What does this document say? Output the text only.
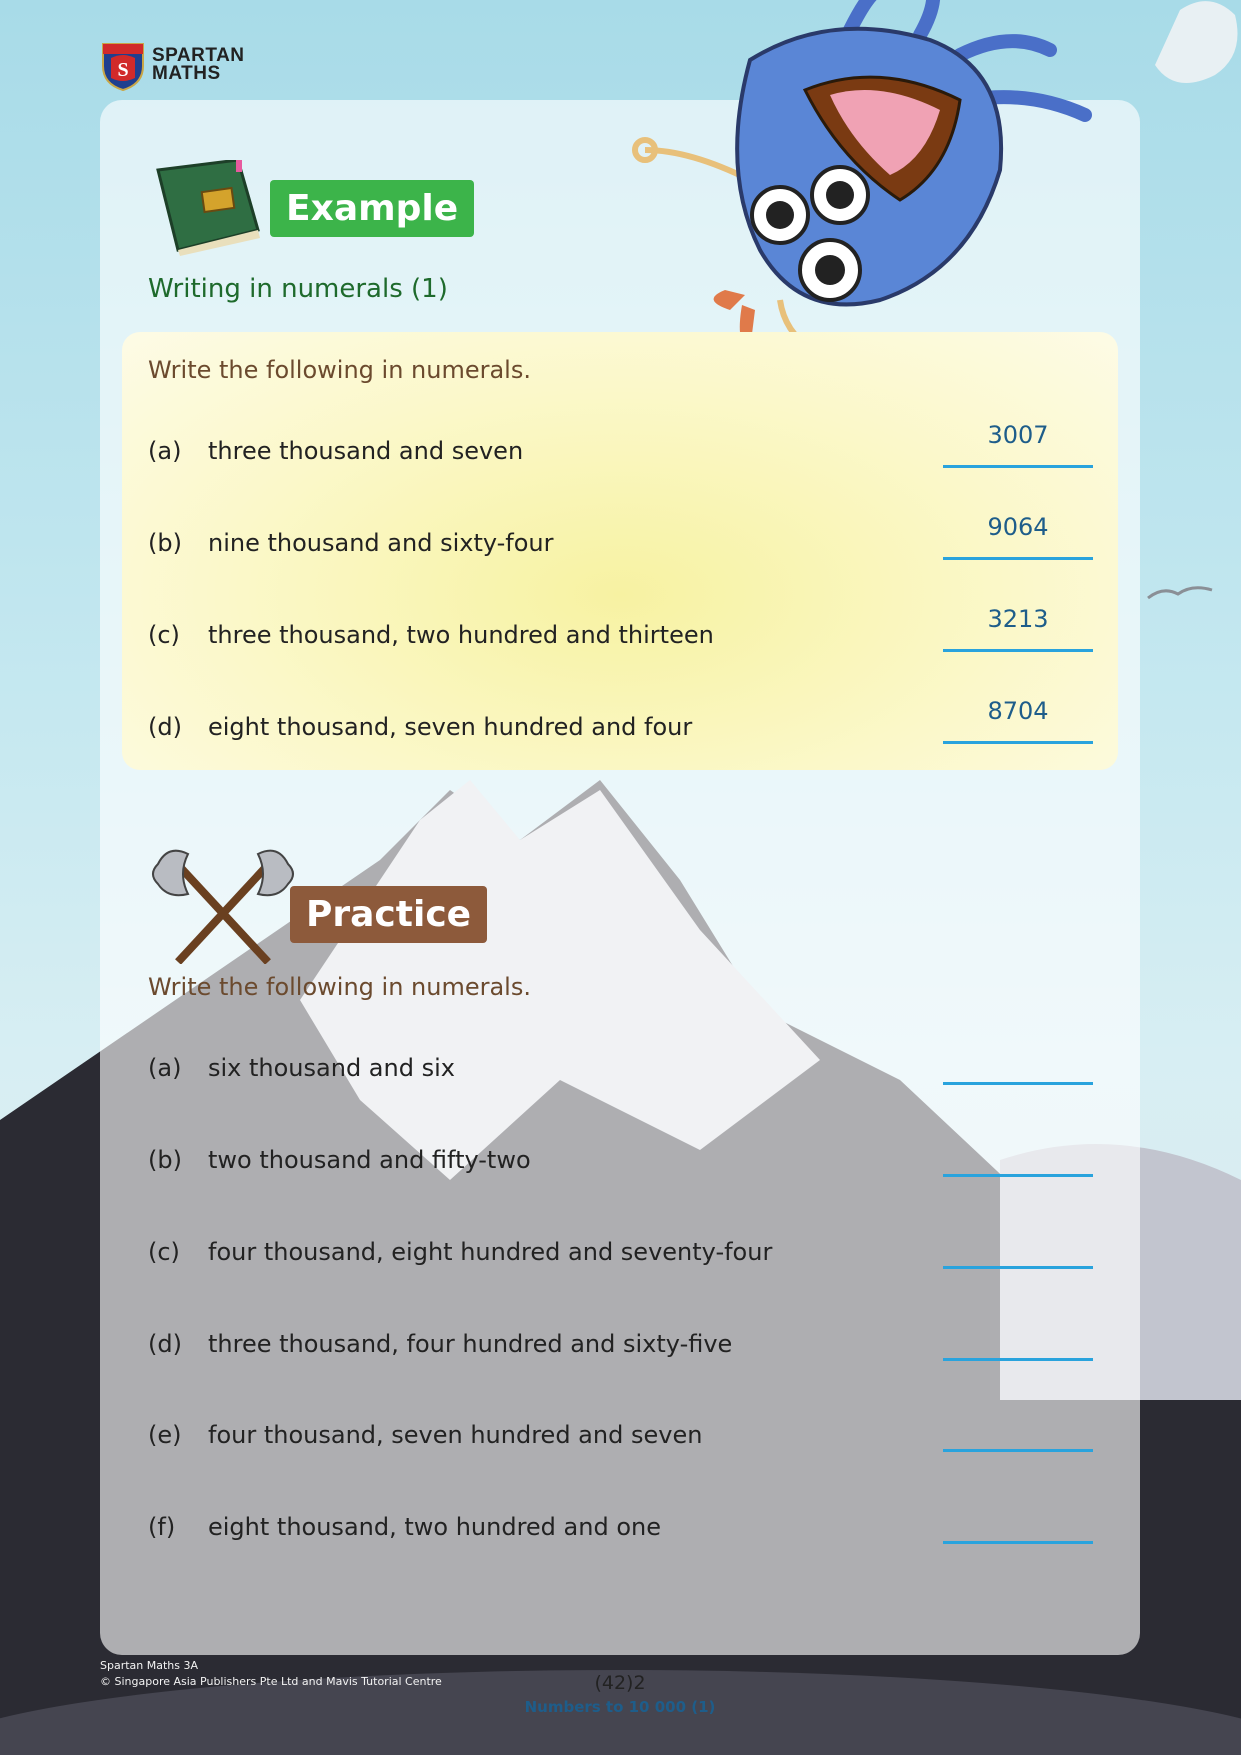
S
SPARTAN
MATHS
Example
Writing in numerals (1)
Write the following in numerals.
(a) three thousand and seven
3007
(b) nine thousand and sixty-four
9064
(c) three thousand, two hundred and thirteen
3213
(d) eight thousand, seven hundred and four
8704
Practice
Write the following in numerals.
(a) six thousand and six
(b) two thousand and fifty-two
(c) four thousand, eight hundred and seventy-four
(d) three thousand, four hundred and sixty-five
(e) four thousand, seven hundred and seven
(f) eight thousand, two hundred and one
Spartan Maths 3A
© Singapore Asia Publishers Pte Ltd and Mavis Tutorial Centre	(42)2
Numbers to 10 000 (1)
